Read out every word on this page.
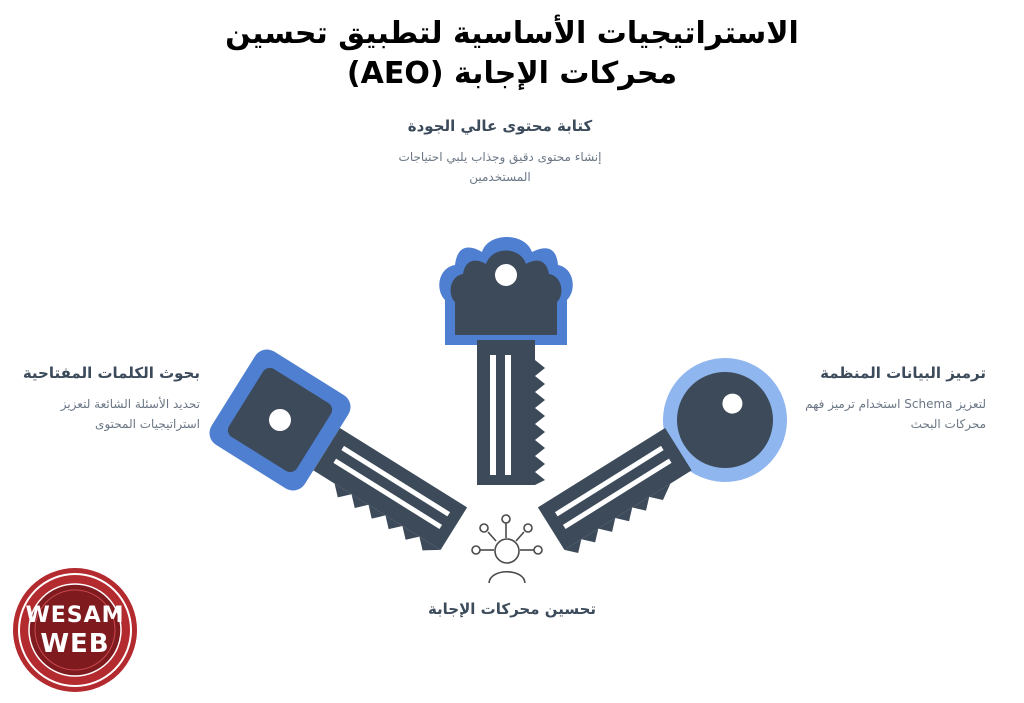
الاستراتيجيات الأساسية لتطبيق تحسين
محركات الإجابة (AEO)
كتابة محتوى عالي الجودة
إنشاء محتوى دقيق وجذاب يلبي احتياجات المستخدمين
بحوث الكلمات المفتاحية
تحديد الأسئلة الشائعة لتعزيز استراتيجيات المحتوى
ترميز البيانات المنظمة
لتعزيز Schema استخدام ترميز فهم محركات البحث
تحسين محركات الإجابة
WESAM
WEB
